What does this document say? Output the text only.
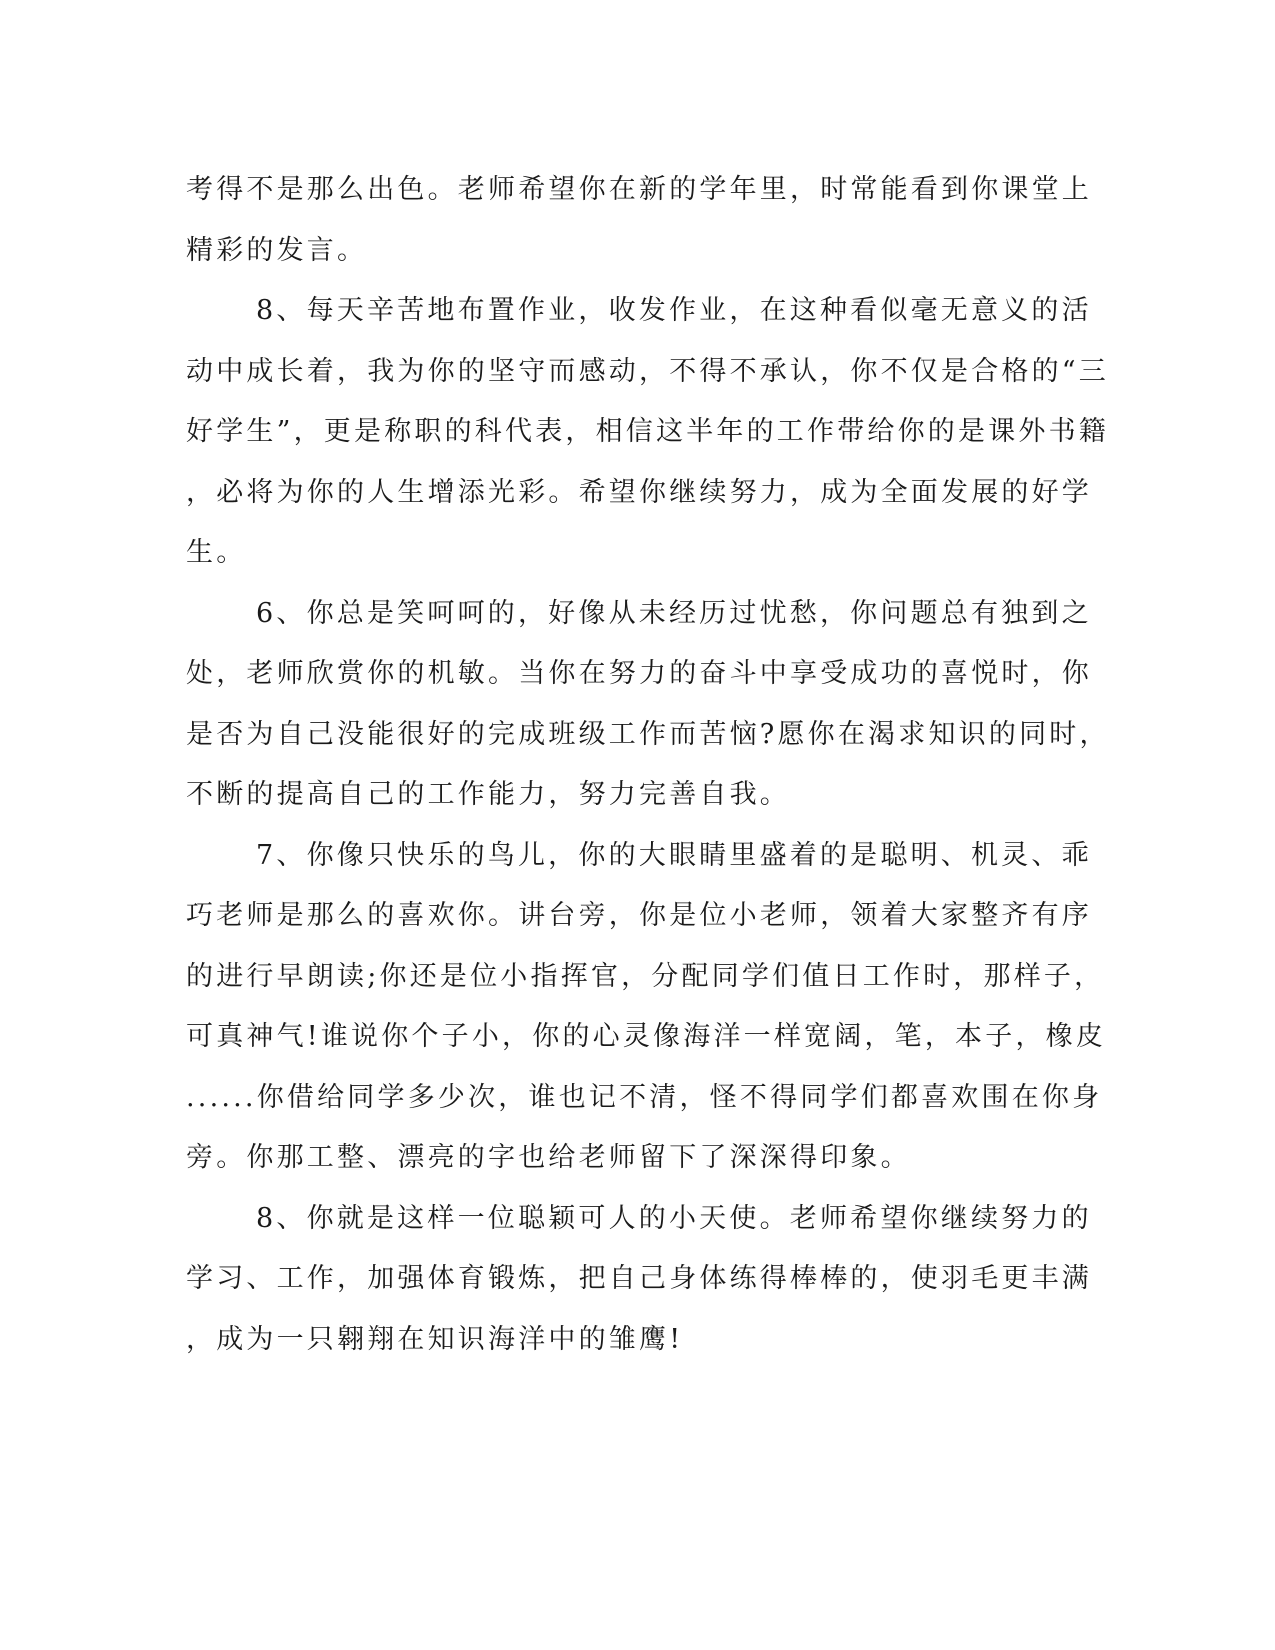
考得不是那么出色。老师希望你在新的学年里，时常能看到你课堂上
精彩的发言。
8、每天辛苦地布置作业，收发作业，在这种看似毫无意义的活
动中成长着，我为你的坚守而感动，不得不承认，你不仅是合格的“三
好学生”，更是称职的科代表，相信这半年的工作带给你的是课外书籍
，必将为你的人生增添光彩。希望你继续努力，成为全面发展的好学
生。
6、你总是笑呵呵的，好像从未经历过忧愁，你问题总有独到之
处，老师欣赏你的机敏。当你在努力的奋斗中享受成功的喜悦时，你
是否为自己没能很好的完成班级工作而苦恼?愿你在渴求知识的同时，
不断的提高自己的工作能力，努力完善自我。
7、你像只快乐的鸟儿，你的大眼睛里盛着的是聪明、机灵、乖
巧老师是那么的喜欢你。讲台旁，你是位小老师，领着大家整齐有序
的进行早朗读;你还是位小指挥官，分配同学们值日工作时，那样子，
可真神气!谁说你个子小，你的心灵像海洋一样宽阔，笔，本子，橡皮
......你借给同学多少次，谁也记不清，怪不得同学们都喜欢围在你身
旁。你那工整、漂亮的字也给老师留下了深深得印象。
8、你就是这样一位聪颖可人的小天使。老师希望你继续努力的
学习、工作，加强体育锻炼，把自己身体练得棒棒的，使羽毛更丰满
，成为一只翱翔在知识海洋中的雏鹰!
